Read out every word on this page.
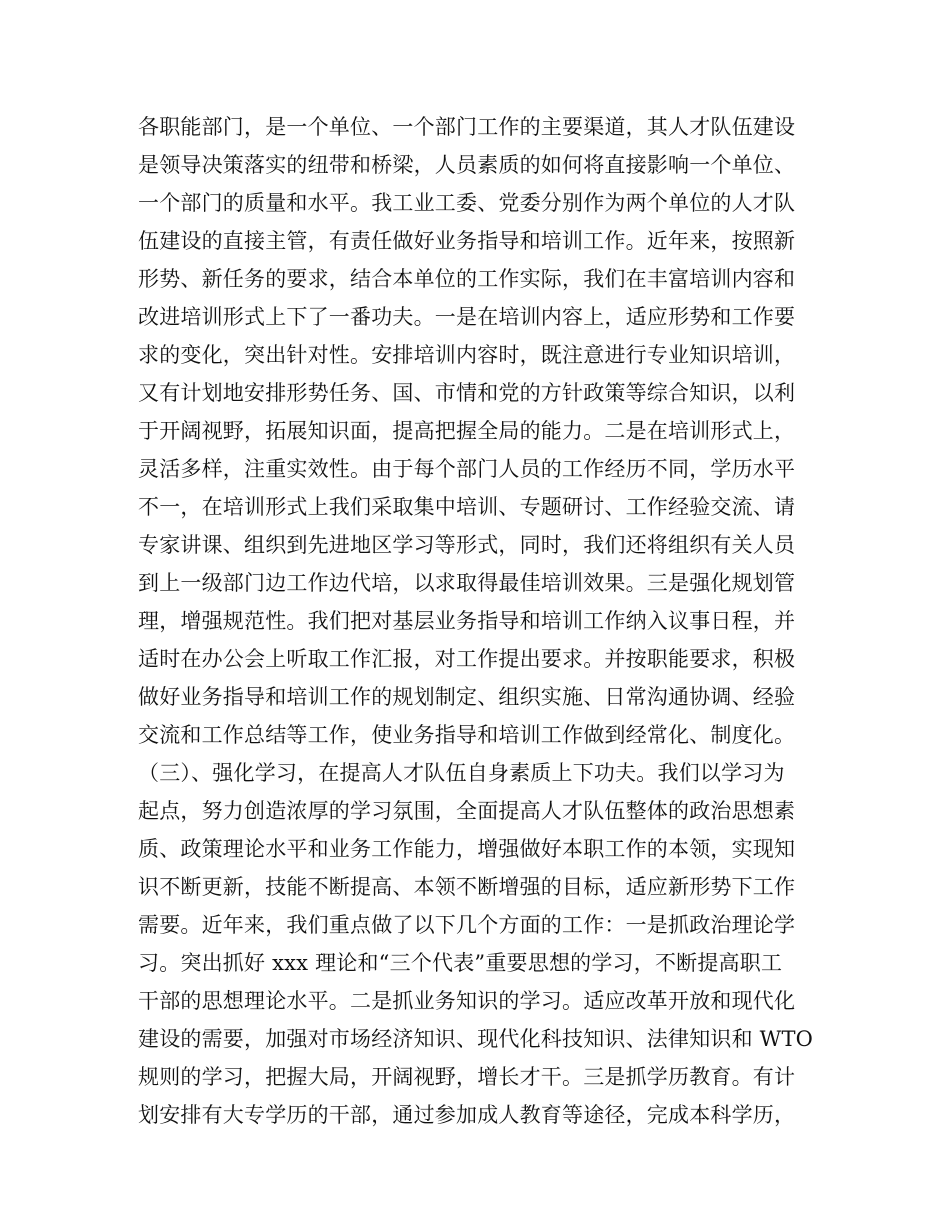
各职能部门，是一个单位、一个部门工作的主要渠道，其人才队伍建设
是领导决策落实的纽带和桥梁，人员素质的如何将直接影响一个单位、
一个部门的质量和水平。我工业工委、党委分别作为两个单位的人才队
伍建设的直接主管，有责任做好业务指导和培训工作。近年来，按照新
形势、新任务的要求，结合本单位的工作实际，我们在丰富培训内容和
改进培训形式上下了一番功夫。一是在培训内容上，适应形势和工作要
求的变化，突出针对性。安排培训内容时，既注意进行专业知识培训，
又有计划地安排形势任务、国、市情和党的方针政策等综合知识，以利
于开阔视野，拓展知识面，提高把握全局的能力。二是在培训形式上，
灵活多样，注重实效性。由于每个部门人员的工作经历不同，学历水平
不一，在培训形式上我们采取集中培训、专题研讨、工作经验交流、请
专家讲课、组织到先进地区学习等形式，同时，我们还将组织有关人员
到上一级部门边工作边代培，以求取得最佳培训效果。三是强化规划管
理，增强规范性。我们把对基层业务指导和培训工作纳入议事日程，并
适时在办公会上听取工作汇报，对工作提出要求。并按职能要求，积极
做好业务指导和培训工作的规划制定、组织实施、日常沟通协调、经验
交流和工作总结等工作，使业务指导和培训工作做到经常化、制度化。
（三）、强化学习，在提高人才队伍自身素质上下功夫。我们以学习为
起点，努力创造浓厚的学习氛围，全面提高人才队伍整体的政治思想素
质、政策理论水平和业务工作能力，增强做好本职工作的本领，实现知
识不断更新，技能不断提高、本领不断增强的目标，适应新形势下工作
需要。近年来，我们重点做了以下几个方面的工作：一是抓政治理论学
习。突出抓好 xxx 理论和“三个代表”重要思想的学习，不断提高职工
干部的思想理论水平。二是抓业务知识的学习。适应改革开放和现代化
建设的需要，加强对市场经济知识、现代化科技知识、法律知识和 WTO
规则的学习，把握大局，开阔视野，增长才干。三是抓学历教育。有计
划安排有大专学历的干部，通过参加成人教育等途径，完成本科学历，
